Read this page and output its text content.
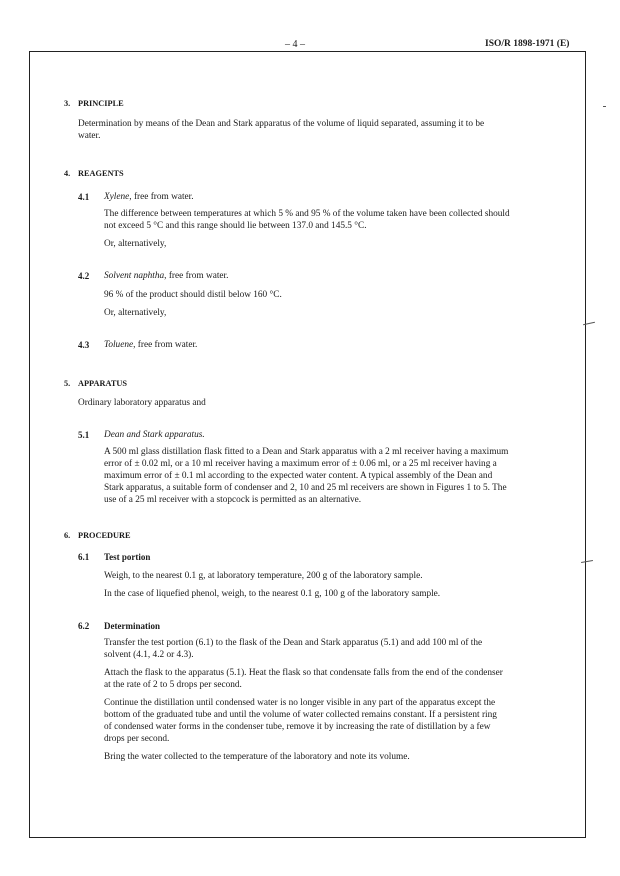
– 4 –	ISO/R 1898-1971 (E)
3. PRINCIPLE
Determination by means of the Dean and Stark apparatus of the volume of liquid separated, assuming it to be
water.
4. REAGENTS
4.1 Xylene, free from water.
The difference between temperatures at which 5 % and 95 % of the volume taken have been collected should
not exceed 5 °C and this range should lie between 137.0 and 145.5 °C.
Or, alternatively,
4.2 Solvent naphtha, free from water.
96 % of the product should distil below 160 °C.
Or, alternatively,
4.3 Toluene, free from water.
5. APPARATUS
Ordinary laboratory apparatus and
5.1 Dean and Stark apparatus.
A 500 ml glass distillation flask fitted to a Dean and Stark apparatus with a 2 ml receiver having a maximum
error of ± 0.02 ml, or a 10 ml receiver having a maximum error of ± 0.06 ml, or a 25 ml receiver having a
maximum error of ± 0.1 ml according to the expected water content. A typical assembly of the Dean and
Stark apparatus, a suitable form of condenser and 2, 10 and 25 ml receivers are shown in Figures 1 to 5. The
use of a 25 ml receiver with a stopcock is permitted as an alternative.
6. PROCEDURE
6.1 Test portion
Weigh, to the nearest 0.1 g, at laboratory temperature, 200 g of the laboratory sample.
In the case of liquefied phenol, weigh, to the nearest 0.1 g, 100 g of the laboratory sample.
6.2 Determination
Transfer the test portion (6.1) to the flask of the Dean and Stark apparatus (5.1) and add 100 ml of the
solvent (4.1, 4.2 or 4.3).
Attach the flask to the apparatus (5.1). Heat the flask so that condensate falls from the end of the condenser
at the rate of 2 to 5 drops per second.
Continue the distillation until condensed water is no longer visible in any part of the apparatus except the
bottom of the graduated tube and until the volume of water collected remains constant. If a persistent ring
of condensed water forms in the condenser tube, remove it by increasing the rate of distillation by a few
drops per second.
Bring the water collected to the temperature of the laboratory and note its volume.
